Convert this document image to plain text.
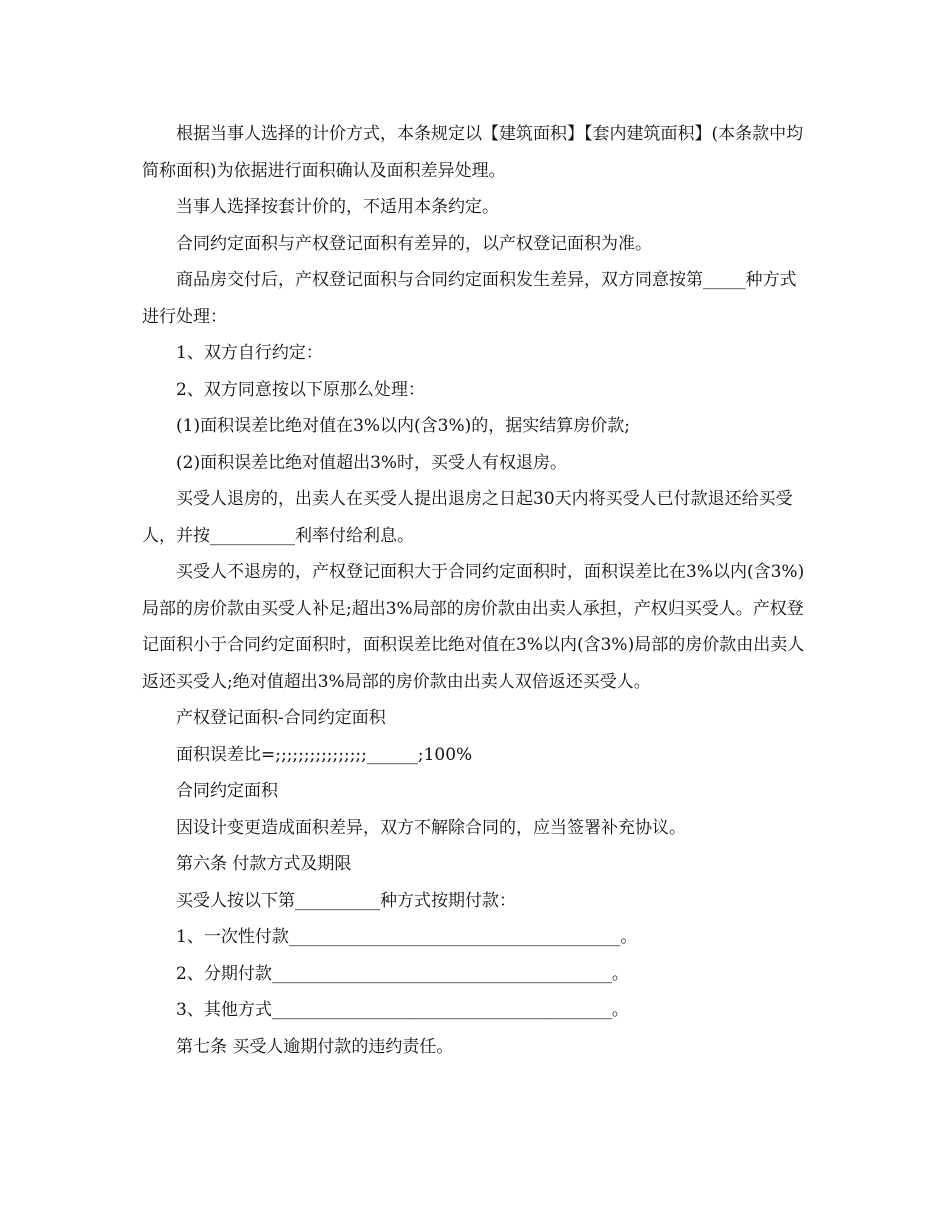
根据当事人选择的计价方式，本条规定以【建筑面积】【套内建筑面积】(本条款中均简称面积)为依据进行面积确认及面积差异处理。

当事人选择按套计价的，不适用本条约定。

合同约定面积与产权登记面积有差异的，以产权登记面积为准。

商品房交付后，产权登记面积与合同约定面积发生差异，双方同意按第_____种方式进行处理：

1、双方自行约定：

2、双方同意按以下原那么处理：

(1)面积误差比绝对值在3%以内(含3%)的，据实结算房价款;

(2)面积误差比绝对值超出3%时，买受人有权退房。

买受人退房的，出卖人在买受人提出退房之日起30天内将买受人已付款退还给买受人，并按__________利率付给利息。

买受人不退房的，产权登记面积大于合同约定面积时，面积误差比在3%以内(含3%)局部的房价款由买受人补足;超出3%局部的房价款由出卖人承担，产权归买受人。产权登记面积小于合同约定面积时，面积误差比绝对值在3%以内(含3%)局部的房价款由出卖人返还买受人;绝对值超出3%局部的房价款由出卖人双倍返还买受人。

产权登记面积-合同约定面积

面积误差比=;;;;;;;;;;;;;;;;______;100%

合同约定面积

因设计变更造成面积差异，双方不解除合同的，应当签署补充协议。

第六条 付款方式及期限

买受人按以下第__________种方式按期付款：

1、一次性付款_______________________________________。

2、分期付款________________________________________。

3、其他方式________________________________________。

第七条 买受人逾期付款的违约责任。
